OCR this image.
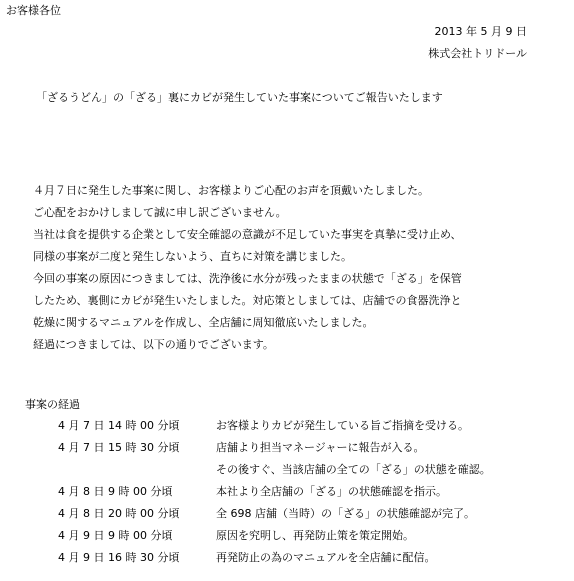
お客様各位
2013 年 5 月 9 日
株式会社トリドール
「ざるうどん」の「ざる」裏にカビが発生していた事案についてご報告いたします

４月７日に発生した事案に関し、お客様よりご心配のお声を頂戴いたしました。

ご心配をおかけしまして誠に申し訳ございません。

当社は食を提供する企業として安全確認の意識が不足していた事実を真摯に受け止め、

同様の事案が二度と発生しないよう、直ちに対策を講じました。

今回の事案の原因につきましては、洗浄後に水分が残ったままの状態で「ざる」を保管

したため、裏側にカビが発生いたしました。対応策としましては、店舗での食器洗浄と

乾燥に関するマニュアルを作成し、全店舗に周知徹底いたしました。

経過につきましては、以下の通りでございます。

事案の経過
4 月 7 日 14 時 00 分頃	お客様よりカビが発生している旨ご指摘を受ける。
4 月 7 日 15 時 30 分頃	店舗より担当マネージャーに報告が入る。
	その後すぐ、当該店舗の全ての「ざる」の状態を確認。
4 月 8 日 9 時 00 分頃	本社より全店舗の「ざる」の状態確認を指示。
4 月 8 日 20 時 00 分頃	全 698 店舗（当時）の「ざる」の状態確認が完了。
4 月 9 日 9 時 00 分頃	原因を究明し、再発防止策を策定開始。
4 月 9 日 16 時 30 分頃	再発防止の為のマニュアルを全店舗に配信。
